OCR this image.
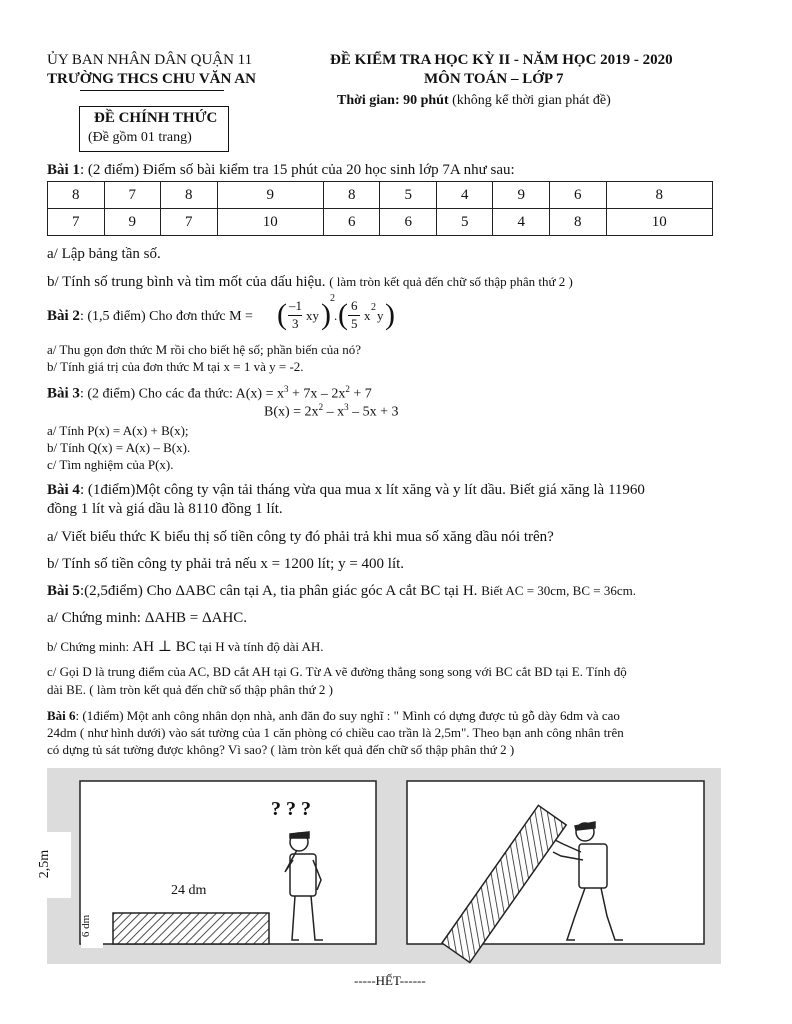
ỦY BAN NHÂN DÂN QUẬN 11
TRƯỜNG THCS CHU VĂN AN
ĐỀ KIỂM TRA HỌC KỲ II - NĂM HỌC 2019 - 2020
MÔN TOÁN – LỚP 7
Thời gian: 90 phút (không kể thời gian phát đề)
ĐỀ CHÍNH THỨC
(Đề gồm 01 trang)
Bài 1: (2 điểm) Điểm số bài kiểm tra 15 phút của 20 học sinh lớp 7A như sau:
8	7	8	9	8	5	4	9	6	8
7	9	7	10	6	6	5	4	8	10
a/ Lập bảng tần số.
b/ Tính số trung bình và tìm mốt của dấu hiệu. ( làm tròn kết quả đến chữ số thập phân thứ 2 )
Bài 2: (1,5 điểm) Cho đơn thức M = ( –1
3
xy ) 2
. ( 6
5
x
2
y )
a/ Thu gọn đơn thức M rồi cho biết hệ số; phần biến của nó?
b/ Tính giá trị của đơn thức M tại x = 1 và y = -2.
Bài 3: (2 điểm) Cho các đa thức: $A(x) = x^3 + 7x - 2x^2 + 7$
$B(x) = 2x^2 - x^3 - 5x + 3$
a/ Tính P(x) = A(x) + B(x);
b/ Tính Q(x) = A(x) – B(x).
c/ Tìm nghiệm của P(x).
Bài 4: (1điểm)Một công ty vận tải tháng vừa qua mua x lít xăng và y lít dầu. Biết giá xăng là 11960
đồng 1 lít và giá dầu là 8110 đồng 1 lít.
a/ Viết biểu thức K biểu thị số tiền công ty đó phải trả khi mua số xăng dầu nói trên?
b/ Tính số tiền công ty phải trả nếu x = 1200 lít; y = 400 lít.
Bài 5:(2,5điểm) Cho ΔABC cân tại A, tia phân giác góc A cắt BC tại H. Biết AC = 30cm, BC = 36cm.
a/ Chứng minh: ΔAHB = ΔAHC.
b/ Chứng minh: AH ⊥ BC tại H và tính độ dài AH.
c/ Gọi D là trung điểm của AC, BD cắt AH tại G. Từ A vẽ đường thẳng song song với BC cắt BD tại E. Tính độ
dài BE. ( làm tròn kết quả đến chữ số thập phân thứ 2 )
Bài 6: (1điểm) Một anh công nhân dọn nhà, anh đăn đo suy nghĩ : " Mình có dựng được tủ gỗ dày 6dm và cao
24dm ( như hình dưới) vào sát tường của 1 căn phòng có chiều cao trần là 2,5m". Theo bạn anh công nhân trên
có dựng tủ sát tường được không? Vì sao? ( làm tròn kết quả đến chữ số thập phân thứ 2 )
2,5m
24 dm
6 dm
? ? ?
-----HẾT------
